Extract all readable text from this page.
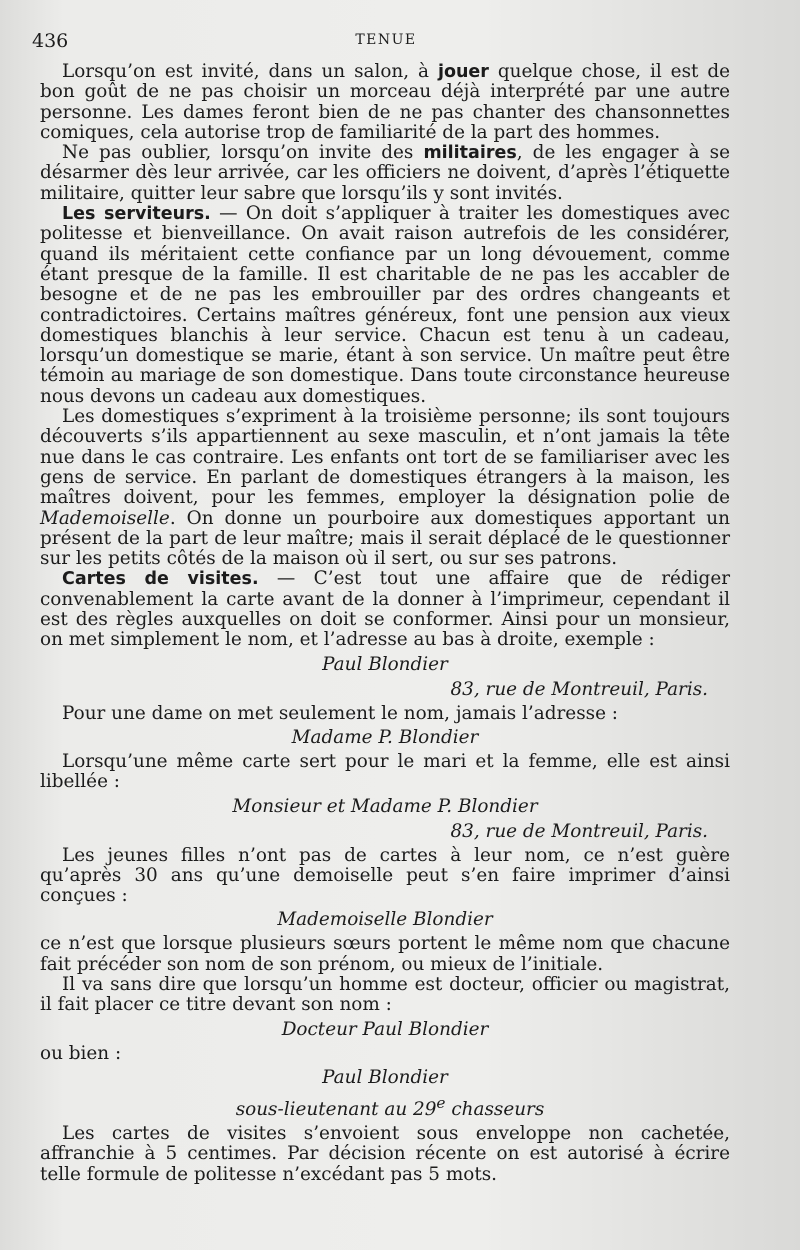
436	TENUE

Lorsqu’on est invité, dans un salon, à jouer quelque chose, il est de bon goût de ne pas choisir un morceau déjà interprété par une autre personne. Les dames feront bien de ne pas chanter des chansonnettes comiques, cela autorise trop de familiarité de la part des hommes.

Ne pas oublier, lorsqu’on invite des militaires, de les engager à se désarmer dès leur arrivée, car les officiers ne doivent, d’après l’étiquette militaire, quitter leur sabre que lorsqu’ils y sont invités.

Les serviteurs. — On doit s’appliquer à traiter les domestiques avec politesse et bienveillance. On avait raison autrefois de les considérer, quand ils méritaient cette confiance par un long dévouement, comme étant presque de la famille. Il est charitable de ne pas les accabler de besogne et de ne pas les embrouiller par des ordres changeants et contradictoires. Certains maîtres généreux, font une pension aux vieux domestiques blanchis à leur service. Chacun est tenu à un cadeau, lorsqu’un domestique se marie, étant à son service. Un maître peut être témoin au mariage de son domestique. Dans toute circonstance heureuse nous devons un cadeau aux domestiques.

Les domestiques s’expriment à la troisième personne; ils sont toujours découverts s’ils appartiennent au sexe masculin, et n’ont jamais la tête nue dans le cas contraire. Les enfants ont tort de se familiariser avec les gens de service. En parlant de domestiques étrangers à la maison, les maîtres doivent, pour les femmes, employer la désignation polie de Mademoiselle. On donne un pourboire aux domestiques apportant un présent de la part de leur maître; mais il serait déplacé de le questionner sur les petits côtés de la maison où il sert, ou sur ses patrons.

Cartes de visites. — C’est tout une affaire que de rédiger convenablement la carte avant de la donner à l’imprimeur, cependant il est des règles auxquelles on doit se conformer. Ainsi pour un monsieur, on met simplement le nom, et l’adresse au bas à droite, exemple :

Paul Blondier
83, rue de Montreuil, Paris.

Pour une dame on met seulement le nom, jamais l’adresse :

Madame P. Blondier

Lorsqu’une même carte sert pour le mari et la femme, elle est ainsi libellée :

Monsieur et Madame P. Blondier
83, rue de Montreuil, Paris.

Les jeunes filles n’ont pas de cartes à leur nom, ce n’est guère qu’après 30 ans qu’une demoiselle peut s’en faire imprimer d’ainsi conçues :

Mademoiselle Blondier

ce n’est que lorsque plusieurs sœurs portent le même nom que chacune fait précéder son nom de son prénom, ou mieux de l’initiale.

Il va sans dire que lorsqu’un homme est docteur, officier ou magistrat, il fait placer ce titre devant son nom :

Docteur Paul Blondier

ou bien :

Paul Blondier
sous-lieutenant au 29e chasseurs

Les cartes de visites s’envoient sous enveloppe non cachetée, affranchie à 5 centimes. Par décision récente on est autorisé à écrire telle formule de politesse n’excédant pas 5 mots.
